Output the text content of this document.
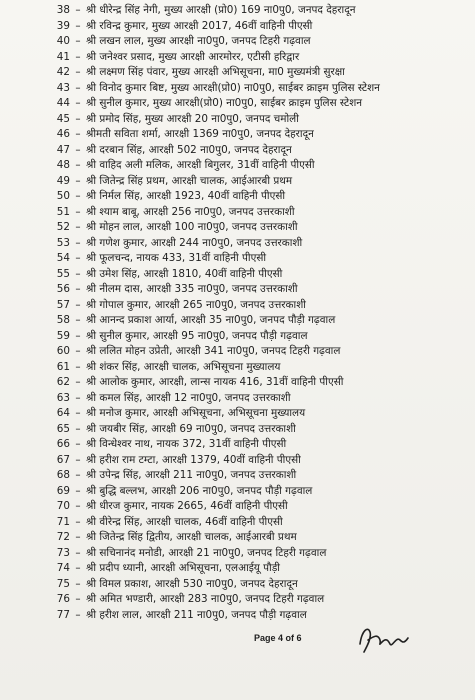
38 – श्री धीरेन्द्र सिंह नेगी, मुख्य आरक्षी (प्रो0) 169 ना0पु0, जनपद देहरादून
39 – श्री रविन्द्र कुमार, मुख्य आरक्षी 2017, 46वीं वाहिनी पीएसी
40 – श्री लखन लाल, मुख्य आरक्षी ना0पु0, जनपद टिहरी गढ़वाल
41 – श्री जनेश्वर प्रसाद, मुख्य आरक्षी आरमोरर, एटीसी हरिद्वार
42 – श्री लक्ष्मण सिंह पंवार, मुख्य आरक्षी अभिसूचना, मा0 मुख्यमंत्री सुरक्षा
43 – श्री विनोद कुमार बिष्ट, मुख्य आरक्षी(प्रो0) ना0पु0, साईबर क्राइम पुलिस स्टेशन
44 – श्री सुनील कुमार, मुख्य आरक्षी(प्रो0) ना0पु0, साईबर क्राइम पुलिस स्टेशन
45 – श्री प्रमोद सिंह, मुख्य आरक्षी 20 ना0पु0, जनपद चमोली
46 – श्रीमती सविता शर्मा, आरक्षी 1369 ना0पु0, जनपद देहरादून
47 – श्री दरबान सिंह, आरक्षी 502 ना0पु0, जनपद देहरादून
48 – श्री वाहिद अली मलिक, आरक्षी बिगुलर, 31वीं वाहिनी पीएसी
49 – श्री जितेन्द्र सिंह प्रथम, आरक्षी चालक, आईआरबी प्रथम
50 – श्री निर्मल सिंह, आरक्षी 1923, 40वीं वाहिनी पीएसी
51 – श्री श्याम बाबू, आरक्षी 256 ना0पु0, जनपद उत्तरकाशी
52 – श्री मोहन लाल, आरक्षी 100 ना0पु0, जनपद उत्तरकाशी
53 – श्री गणेश कुमार, आरक्षी 244 ना0पु0, जनपद उत्तरकाशी
54 – श्री फूलचन्द, नायक 433, 31वीं वाहिनी पीएसी
55 – श्री उमेश सिंह, आरक्षी 1810, 40वीं वाहिनी पीएसी
56 – श्री नीलम दास, आरक्षी 335 ना0पु0, जनपद उत्तरकाशी
57 – श्री गोपाल कुमार, आरक्षी 265 ना0पु0, जनपद उत्तरकाशी
58 – श्री आनन्द प्रकाश आर्या, आरक्षी 35 ना0पु0, जनपद पौड़ी गढ़वाल
59 – श्री सुनील कुमार, आरक्षी 95 ना0पु0, जनपद पौड़ी गढ़वाल
60 – श्री ललित मोहन उप्रेती, आरक्षी 341 ना0पु0, जनपद टिहरी गढ़वाल
61 – श्री शंकर सिंह, आरक्षी चालक, अभिसूचना मुख्यालय
62 – श्री आलोक कुमार, आरक्षी, लान्स नायक 416, 31वीं वाहिनी पीएसी
63 – श्री कमल सिंह, आरक्षी 12 ना0पु0, जनपद उत्तरकाशी
64 – श्री मनोज कुमार, आरक्षी अभिसूचना, अभिसूचना मुख्यालय
65 – श्री जयबीर सिंह, आरक्षी 69 ना0पु0, जनपद उत्तरकाशी
66 – श्री विन्धेश्वर नाथ, नायक 372, 31वीं वाहिनी पीएसी
67 – श्री हरीश राम टम्टा, आरक्षी 1379, 40वीं वाहिनी पीएसी
68 – श्री उपेन्द्र सिंह, आरक्षी 211 ना0पु0, जनपद उत्तरकाशी
69 – श्री बुद्धि बल्लभ, आरक्षी 206 ना0पु0, जनपद पौड़ी गढ़वाल
70 – श्री धीरज कुमार, नायक 2665, 46वीं वाहिनी पीएसी
71 – श्री वीरेन्द्र सिंह, आरक्षी चालक, 46वीं वाहिनी पीएसी
72 – श्री जितेन्द्र सिंह द्वितीय, आरक्षी चालक, आईआरबी प्रथम
73 – श्री सचिनानंद मनोडी, आरक्षी 21 ना0पु0, जनपद टिहरी गढ़वाल
74 – श्री प्रदीप ध्यानी, आरक्षी अभिसूचना, एलआईयू पौड़ी
75 – श्री विमल प्रकाश, आरक्षी 530 ना0पु0, जनपद देहरादून
76 – श्री अमित भण्डारी, आरक्षी 283 ना0पु0, जनपद टिहरी गढ़वाल
77 – श्री हरीश लाल, आरक्षी 211 ना0पु0, जनपद पौड़ी गढ़वाल
Page 4 of 6
